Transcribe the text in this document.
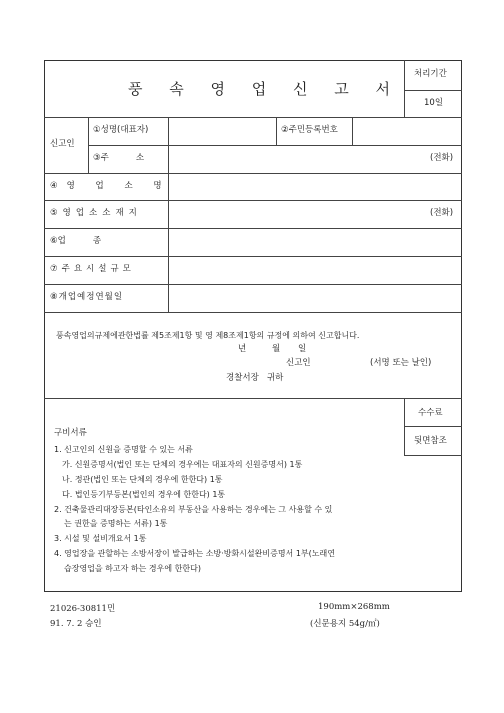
풍 속 영 업 신 고 서
처리기간
10일
신고인
①성명(대표자)	②주민등록번호
③주          소	(전화)
④영 업 소 명
⑤영업소소재지	(전화)
⑥업          종
⑦주요시설규모
⑧개업예정연월일
풍속영업의규제에관한법률 제5조제1항 및 영 제8조제1항의 규정에 의하여 신고합니다.
년	월 일
신고인	(서명 또는 날인)
경찰서장   귀하
수수료
뒷면참조
구비서류
1. 신고인의 신원을 증명할 수 있는 서류
가. 신원증명서(법인 또는 단체의 경우에는 대표자의 신원증명서) 1통
나. 정관(법인 또는 단체의 경우에 한한다) 1통
다. 법인등기부등본(법인의 경우에 한한다) 1통
2. 건축물관리대장등본(타인소유의 부동산을 사용하는 경우에는 그 사용할 수 있
는 권한을 증명하는 서류) 1통
3. 시설 및 설비개요서 1통
4. 영업장을 관할하는 소방서장이 발급하는 소방·방화시설완비증명서 1부(노래연
습장영업을 하고자 하는 경우에 한한다)
21026-30811민
91. 7. 2 승인
190mm×268mm
(신문용지 54g/㎡)
